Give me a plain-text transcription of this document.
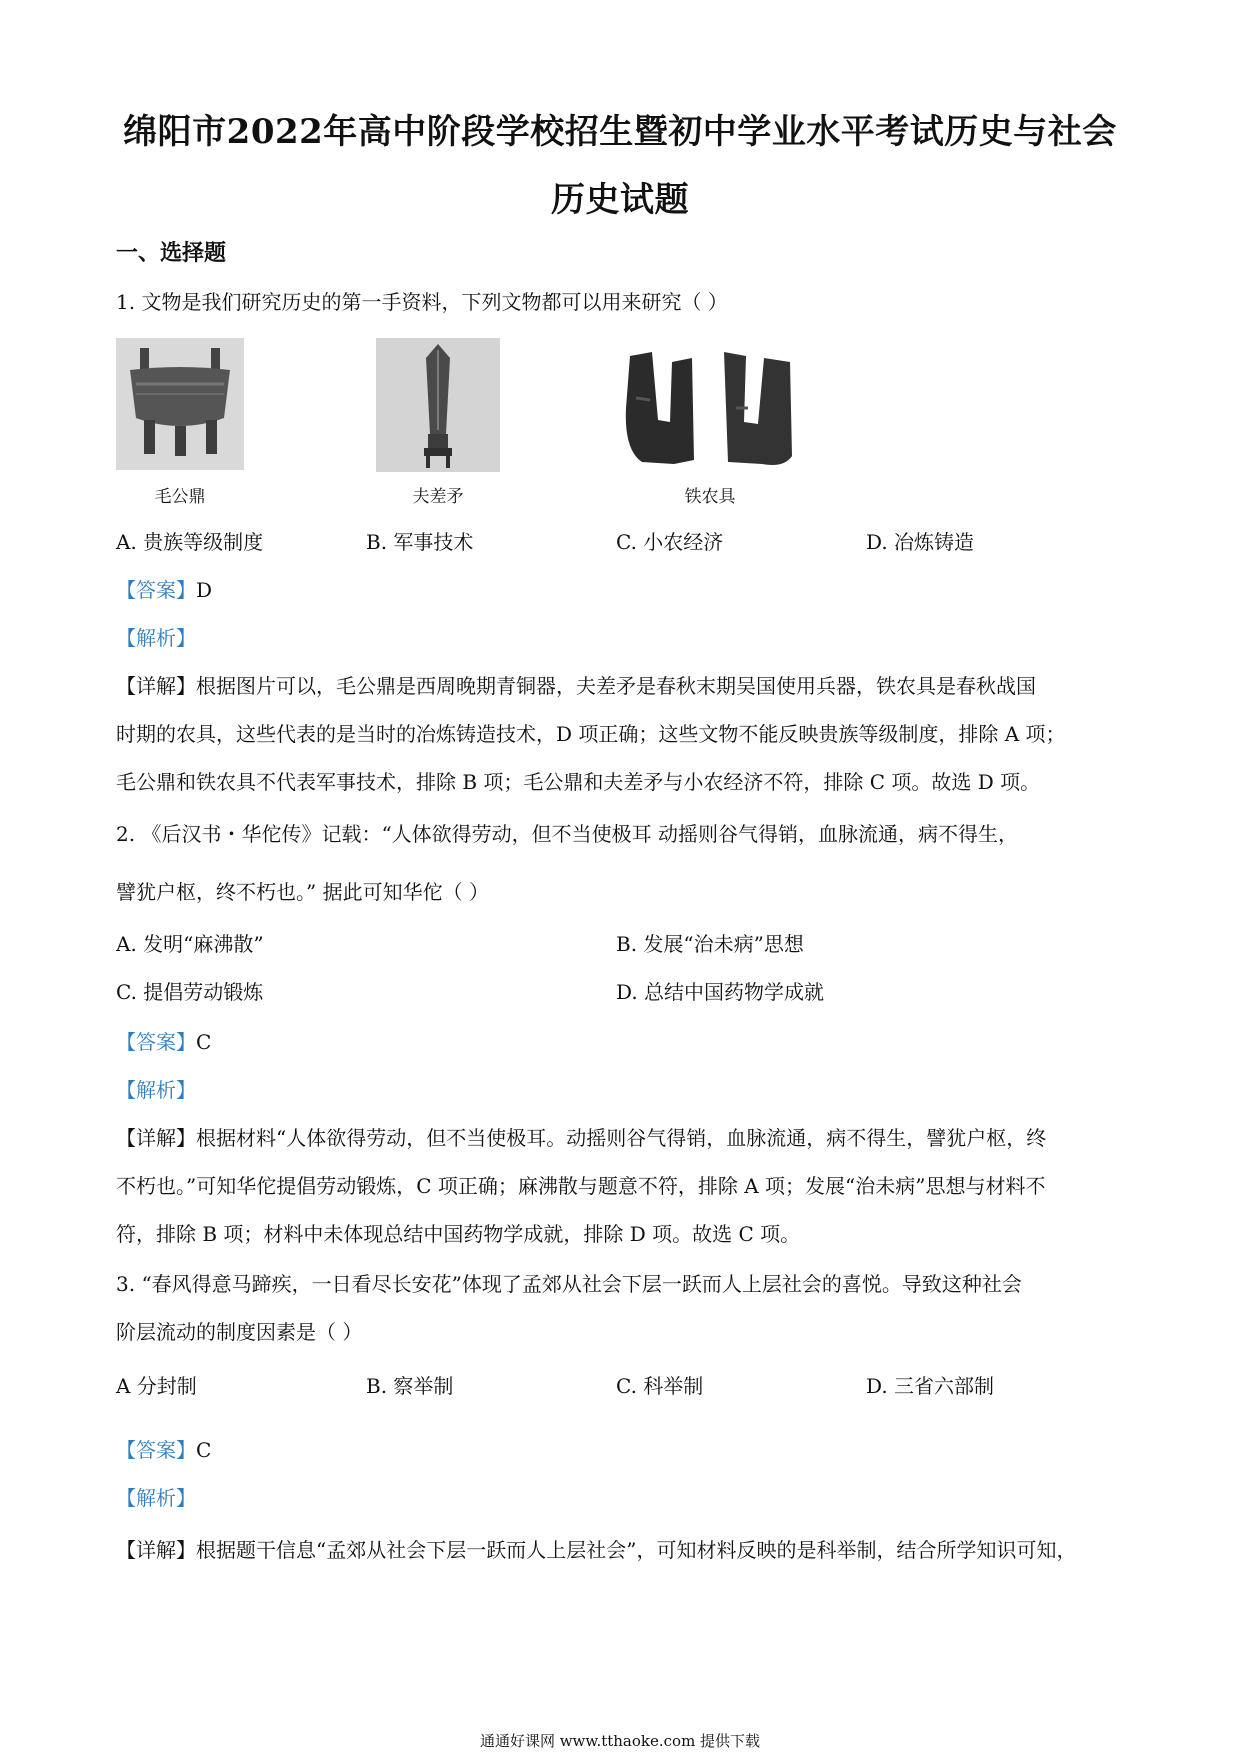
绵阳市2022年高中阶段学校招生暨初中学业水平考试历史与社会
历史试题
一、选择题
1. 文物是我们研究历史的第一手资料，下列文物都可以用来研究（ ）
毛公鼎	夫差矛	铁农具
A. 贵族等级制度	B. 军事技术	C. 小农经济	D. 冶炼铸造
【答案】D
【解析】
【详解】根据图片可以，毛公鼎是西周晚期青铜器，夫差矛是春秋末期吴国使用兵器，铁农具是春秋战国
时期的农具，这些代表的是当时的冶炼铸造技术，D 项正确；这些文物不能反映贵族等级制度，排除 A 项；
毛公鼎和铁农具不代表军事技术，排除 B 项；毛公鼎和夫差矛与小农经济不符，排除 C 项。故选 D 项。
2. 《后汉书・华佗传》记载：“人体欲得劳动，但不当使极耳 动摇则谷气得销，血脉流通，病不得生，
譬犹户枢，终不朽也。” 据此可知华佗（ ）
A. 发明“麻沸散”	B. 发展“治未病”思想
C. 提倡劳动锻炼	D. 总结中国药物学成就
【答案】C
【解析】
【详解】根据材料“人体欲得劳动，但不当使极耳。动摇则谷气得销，血脉流通，病不得生，譬犹户枢，终
不朽也。”可知华佗提倡劳动锻炼，C 项正确；麻沸散与题意不符，排除 A 项；发展“治未病”思想与材料不
符，排除 B 项；材料中未体现总结中国药物学成就，排除 D 项。故选 C 项。
3. “春风得意马蹄疾，一日看尽长安花”体现了孟郊从社会下层一跃而人上层社会的喜悦。导致这种社会
阶层流动的制度因素是（ ）
A 分封制	B. 察举制	C. 科举制	D. 三省六部制
【答案】C
【解析】
【详解】根据题干信息“孟郊从社会下层一跃而人上层社会”，可知材料反映的是科举制，结合所学知识可知，
通通好课网 www.tthaoke.com 提供下载
